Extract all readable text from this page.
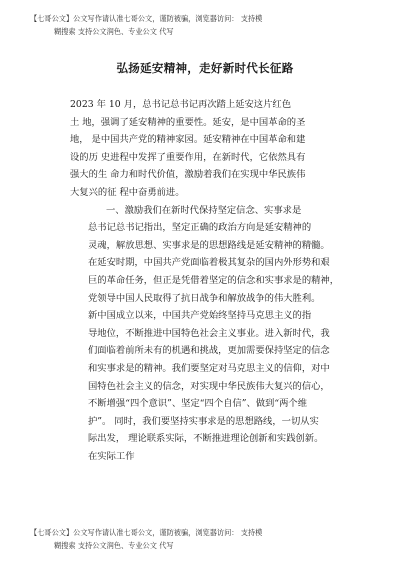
【七哥公文】公文写作请认准七哥公文，谨防被骗，浏览器访问： 支持模
糊搜索 支持公文润色、专业公文 代写
弘扬延安精神，走好新时代长征路

2023 年 10 月，总书记总书记再次踏上延安这片红色
土 地，强调了延安精神的重要性。延安，是中国革命的圣
地， 是中国共产党的精神家园。延安精神在中国革命和建
设的历 史进程中发挥了重要作用，在新时代，它依然具有
强大的生 命力和时代价值，激励着我们在实现中华民族伟
大复兴的征 程中奋勇前进。

一、激励我们在新时代保持坚定信念、实事求是

总书记总书记指出，坚定正确的政治方向是延安精神的
灵魂，解放思想、实事求是的思想路线是延安精神的精髓。
在延安时期，中国共产党面临着极其复杂的国内外形势和艰
巨的革命任务，但正是凭借着坚定的信念和实事求是的精神，
党领导中国人民取得了抗日战争和解放战争的伟大胜利。

新中国成立以来，中国共产党始终坚持马克思主义的指
导地位，不断推进中国特色社会主义事业。进入新时代，我
们面临着前所未有的机遇和挑战，更加需要保持坚定的信念
和实事求是的精神。我们要坚定对马克思主义的信仰，对中
国特色社会主义的信念，对实现中华民族伟大复兴的信心，
不断增强“四个意识”、坚定“四个自信”、做到“两个维
护”。 同时，我们要坚持实事求是的思想路线，一切从实
际出发， 理论联系实际，不断推进理论创新和实践创新。
在实际工作

【七哥公文】公文写作请认准七哥公文，谨防被骗，浏览器访问： 支持模
糊搜索 支持公文润色、专业公文 代写
